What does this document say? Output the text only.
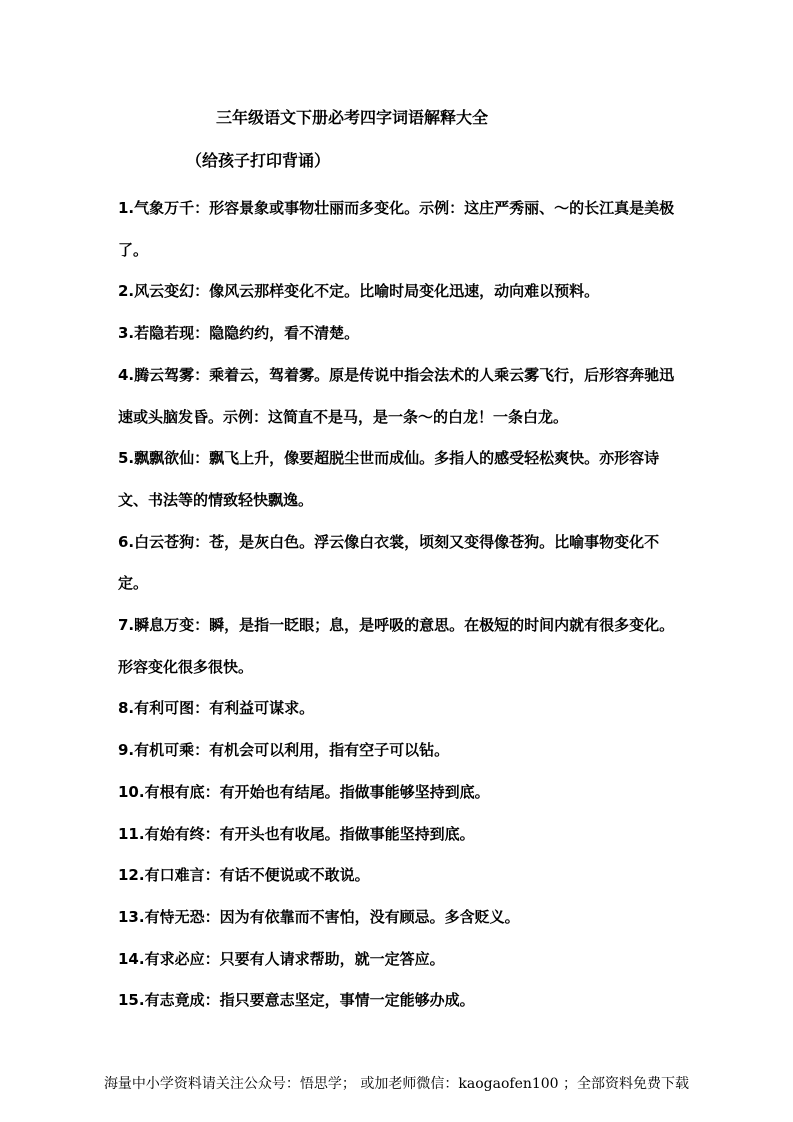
三年级语文下册必考四字词语解释大全
（给孩子打印背诵）
1.气象万千：形容景象或事物壮丽而多变化。示例：这庄严秀丽、～的长江真是美极了。
2.风云变幻：像风云那样变化不定。比喻时局变化迅速，动向难以预料。
3.若隐若现：隐隐约约，看不清楚。
4.腾云驾雾：乘着云，驾着雾。原是传说中指会法术的人乘云雾飞行，后形容奔驰迅速或头脑发昏。示例：这简直不是马，是一条～的白龙！一条白龙。
5.飘飘欲仙：飘飞上升，像要超脱尘世而成仙。多指人的感受轻松爽快。亦形容诗文、书法等的情致轻快飘逸。
6.白云苍狗：苍，是灰白色。浮云像白衣裳，顷刻又变得像苍狗。比喻事物变化不定。
7.瞬息万变：瞬，是指一眨眼；息，是呼吸的意思。在极短的时间内就有很多变化。形容变化很多很快。
8.有利可图：有利益可谋求。
9.有机可乘：有机会可以利用，指有空子可以钻。
10.有根有底：有开始也有结尾。指做事能够坚持到底。
11.有始有终：有开头也有收尾。指做事能坚持到底。
12.有口难言：有话不便说或不敢说。
13.有恃无恐：因为有依靠而不害怕，没有顾忌。多含贬义。
14.有求必应：只要有人请求帮助，就一定答应。
15.有志竟成：指只要意志坚定，事情一定能够办成。
海量中小学资料请关注公众号：悟思学； 或加老师微信：kaogaofen100 ；全部资料免费下载
